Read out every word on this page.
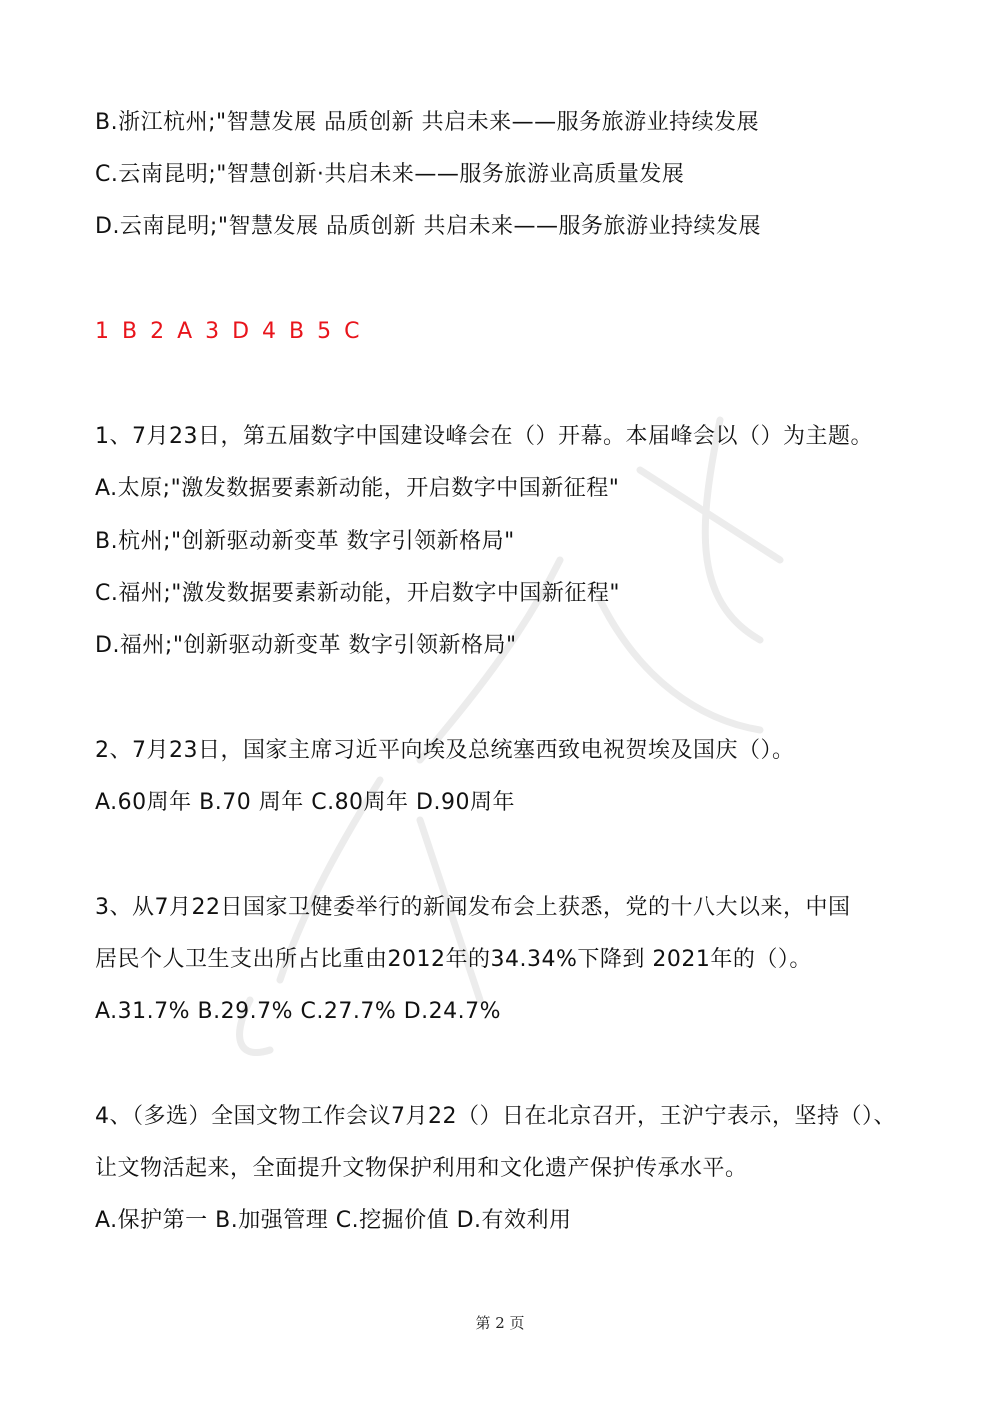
B.浙江杭州;"智慧发展 品质创新 共启未来——服务旅游业持续发展
C.云南昆明;"智慧创新·共启未来——服务旅游业高质量发展
D.云南昆明;"智慧发展 品质创新 共启未来——服务旅游业持续发展
1 B 2 A 3 D 4 B 5 C
1、7月23日，第五届数字中国建设峰会在（）开幕。本届峰会以（）为主题。
A.太原;"激发数据要素新动能，开启数字中国新征程"
B.杭州;"创新驱动新变革 数字引领新格局"
C.福州;"激发数据要素新动能，开启数字中国新征程"
D.福州;"创新驱动新变革 数字引领新格局"
2、7月23日，国家主席习近平向埃及总统塞西致电祝贺埃及国庆（）。
A.60周年 B.70 周年 C.80周年 D.90周年
3、从7月22日国家卫健委举行的新闻发布会上获悉，党的十八大以来，中国
居民个人卫生支出所占比重由2012年的34.34%下降到 2021年的（）。
A.31.7% B.29.7% C.27.7% D.24.7%
4、（多选）全国文物工作会议7月22（）日在北京召开，王沪宁表示，坚持（）、
让文物活起来，全面提升文物保护利用和文化遗产保护传承水平。
A.保护第一 B.加强管理 C.挖掘价值 D.有效利用
第 2 页
